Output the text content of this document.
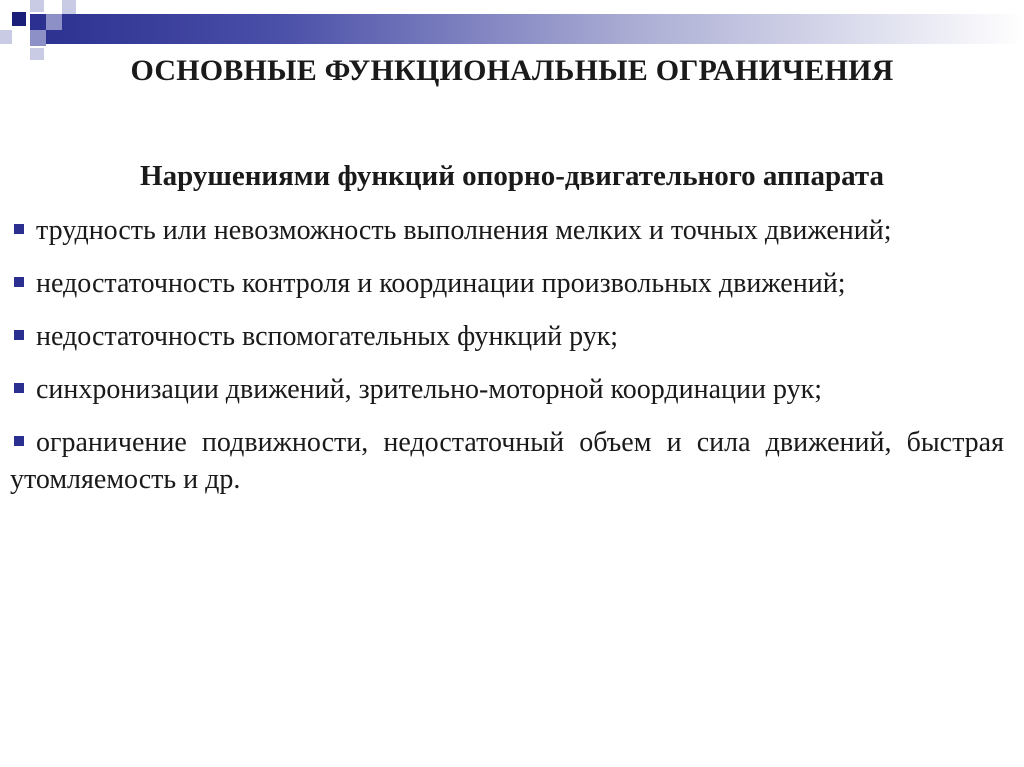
ОСНОВНЫЕ ФУНКЦИОНАЛЬНЫЕ ОГРАНИЧЕНИЯ
Нарушениями функций опорно-двигательного аппарата
трудность или невозможность выполнения мелких и точных движений;
недостаточность контроля и координации произвольных движений;
недостаточность вспомогательных функций рук;
синхронизации движений, зрительно-моторной координации рук;
ограничение подвижности, недостаточный объем и сила движений, быстрая утомляемость и др.
